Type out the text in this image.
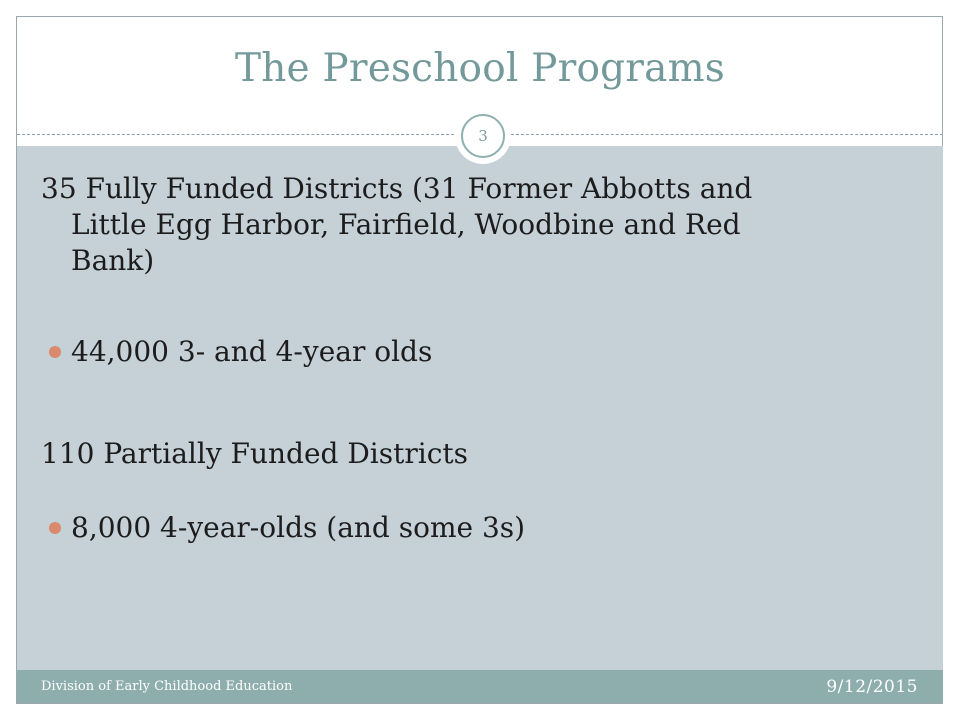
The Preschool Programs
3
35 Fully Funded Districts (31 Former Abbotts and
Little Egg Harbor, Fairfield, Woodbine and Red
Bank)
44,000 3- and 4-year olds
110 Partially Funded Districts
8,000 4-year-olds (and some 3s)
Division of Early Childhood Education	9/12/2015
